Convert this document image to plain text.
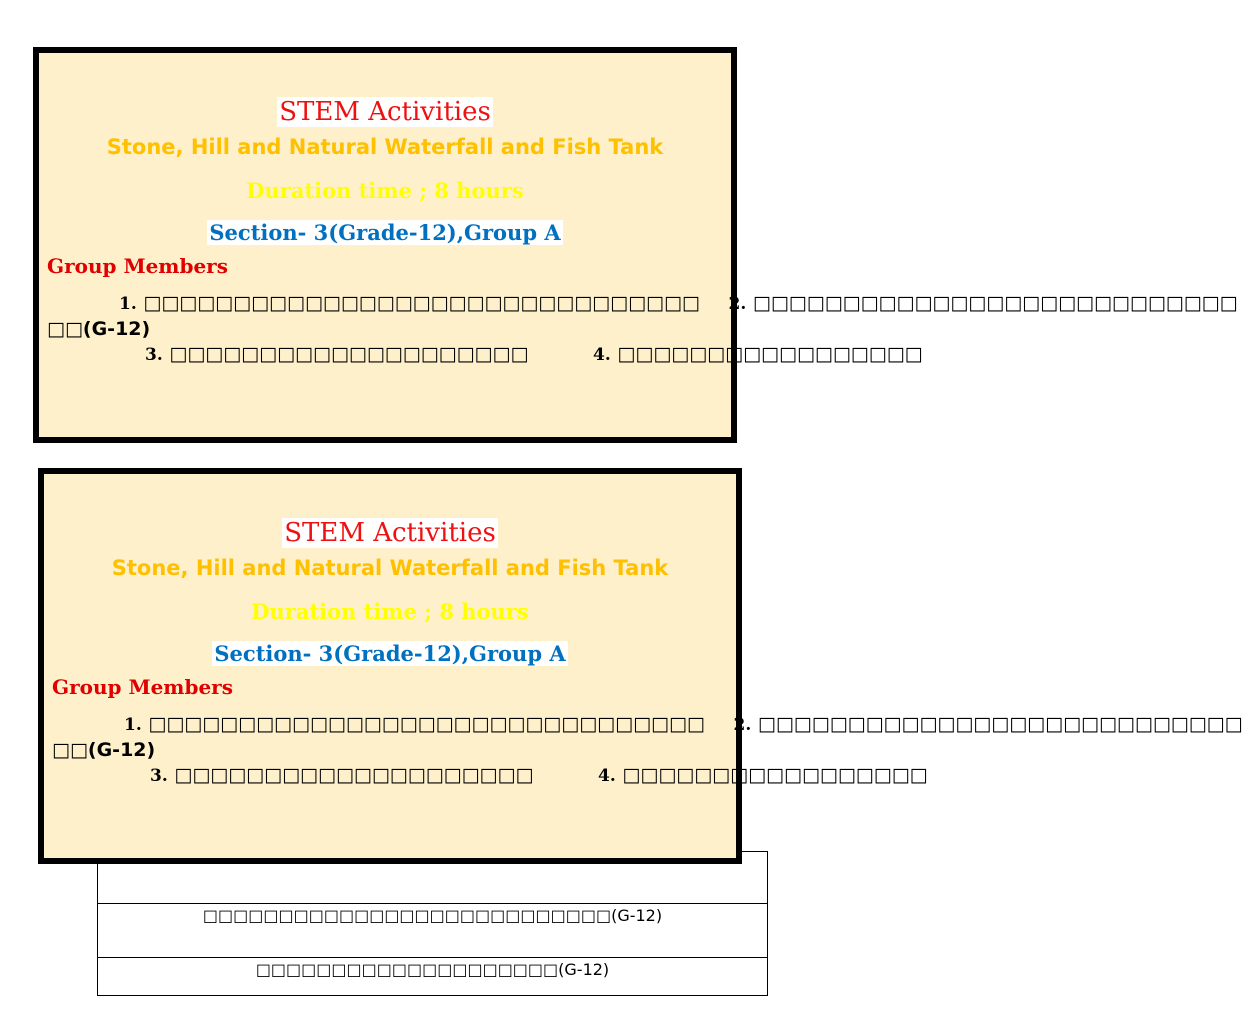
□□□□□□□□□□□□□□□□□□□□□□□□□□□(G-12)
□□□□□□□□□□□□□□□□□□□□(G-12)
STEM Activities
Stone, Hill and Natural Waterfall and Fish Tank
Duration time ; 8 hours
Section- 3(Grade-12),Group A
Group Members
1. □□□□□□□□□□□□□□□□□□□□□□□□□□□□□□□ 2. □□□□□□□□□□□□□□□□□□□□□□□□□□□
□□(G-12)
3. □□□□□□□□□□□□□□□□□□□□	4. □□□□□□□□□□□□□□□□□
STEM Activities
Stone, Hill and Natural Waterfall and Fish Tank
Duration time ; 8 hours
Section- 3(Grade-12),Group A
Group Members
1. □□□□□□□□□□□□□□□□□□□□□□□□□□□□□□□ 2. □□□□□□□□□□□□□□□□□□□□□□□□□□□
□□(G-12)
3. □□□□□□□□□□□□□□□□□□□□	4. □□□□□□□□□□□□□□□□□
